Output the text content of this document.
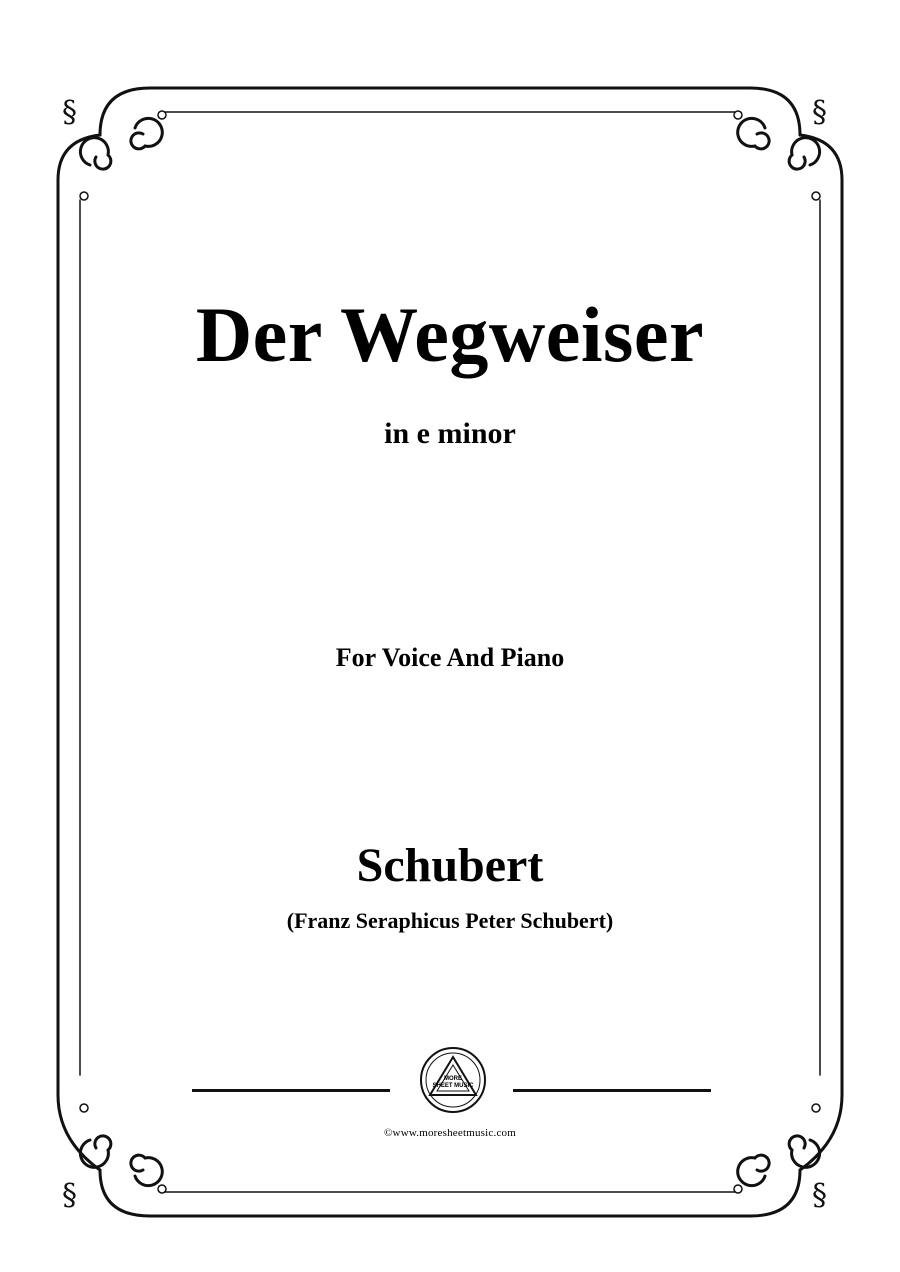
§	§
§	§
Der Wegweiser
in e minor
For Voice And Piano
Schubert
(Franz Seraphicus Peter Schubert)
MORE
SHEET MUSIC
©www.moresheetmusic.com
